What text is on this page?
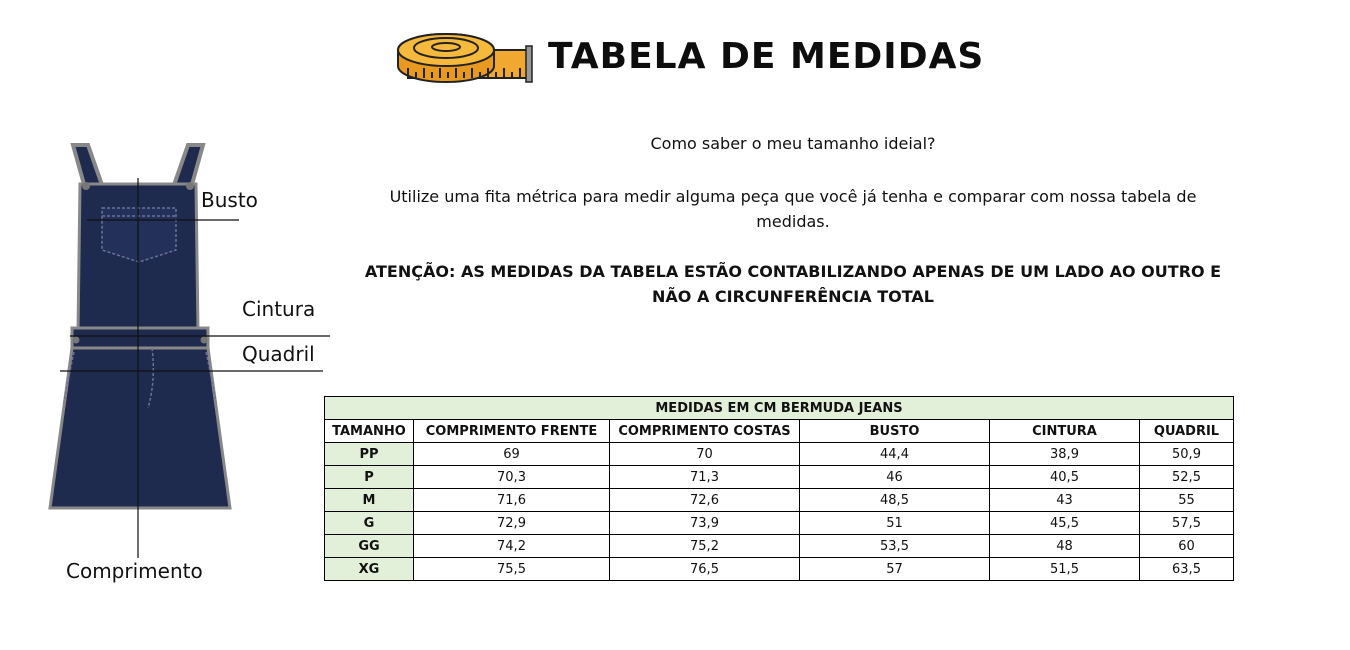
TABELA DE MEDIDAS
Busto
Cintura
Quadril
Comprimento
Como saber o meu tamanho ideial?
Utilize uma fita métrica para medir alguma peça que você já tenha e comparar com nossa tabela de medidas.
ATENÇÃO: AS MEDIDAS DA TABELA ESTÃO CONTABILIZANDO APENAS DE UM LADO AO OUTRO E NÃO A CIRCUNFERÊNCIA TOTAL
MEDIDAS EM CM BERMUDA JEANS					
TAMANHO	COMPRIMENTO FRENTE	COMPRIMENTO COSTAS	BUSTO	CINTURA	QUADRIL
PP	69	70	44,4	38,9	50,9
P	70,3	71,3	46	40,5	52,5
M	71,6	72,6	48,5	43	55
G	72,9	73,9	51	45,5	57,5
GG	74,2	75,2	53,5	48	60
XG	75,5	76,5	57	51,5	63,5
